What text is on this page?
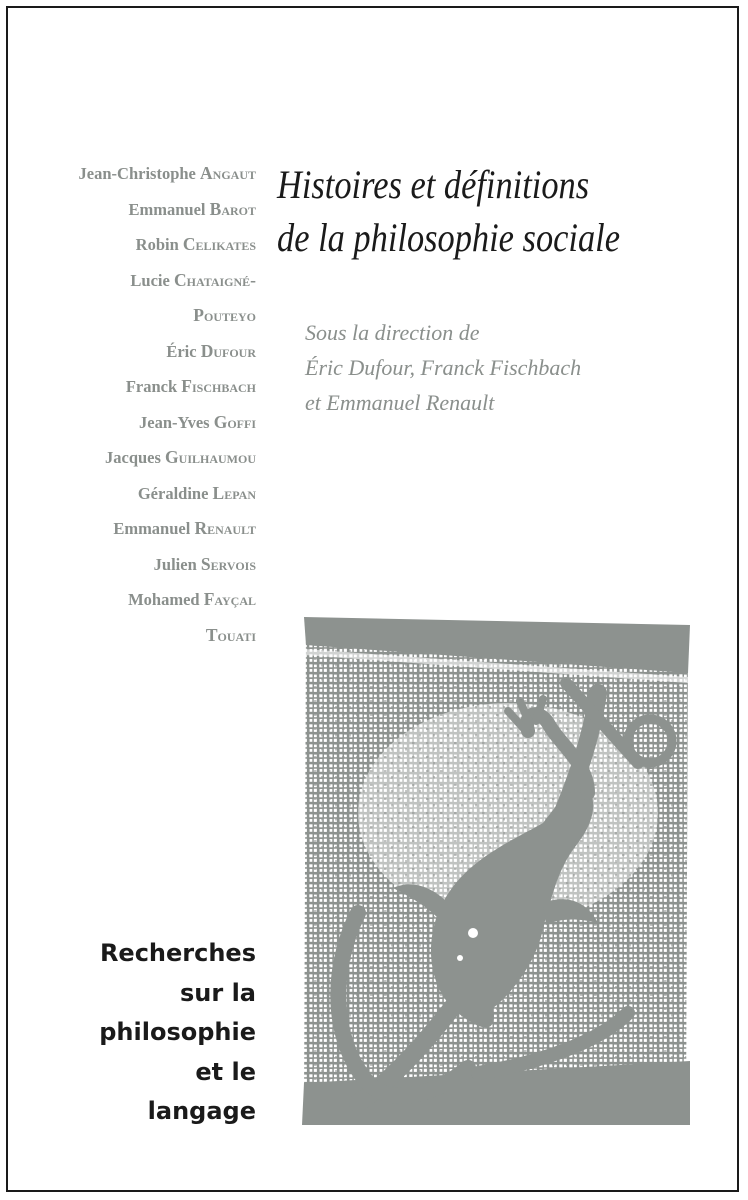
Jean-Christophe Angaut
Emmanuel Barot
Robin Celikates
Lucie Chataigné-
Pouteyo
Éric Dufour
Franck Fischbach
Jean-Yves Goffi
Jacques Guilhaumou
Géraldine Lepan
Emmanuel Renault
Julien Servois
Mohamed Fayçal
Touati
Histoires et définitions
de la philosophie sociale
Sous la direction de
Éric Dufour, Franck Fischbach
et Emmanuel Renault
Recherches
sur la
philosophie
et le
langage
